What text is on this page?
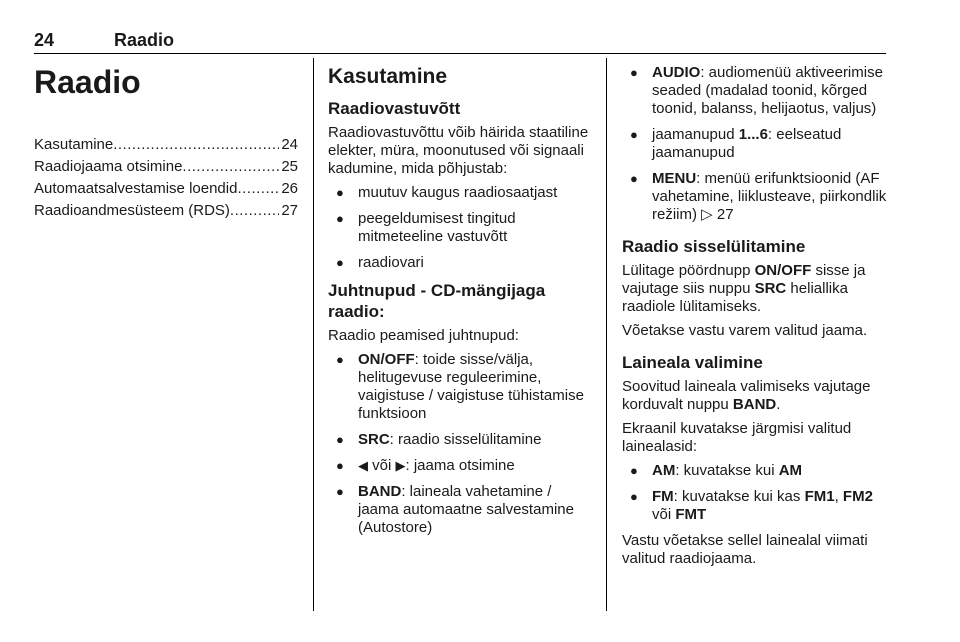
24	Raadio
Raadio
Kasutamine .....	24
Raadiojaama otsimine .....	25
Automaatsalvestamise loendid .....	26
Raadioandmesüsteem (RDS) .....	27
Kasutamine
Raadiovastuvõtt

Raadiovastuvõttu võib häirida staatiline elekter, müra, moonutused või signaali kadumine, mida põhjustab:

● muutuv kaugus raadiosaatjast
● peegeldumisest tingitud mitmeteeline vastuvõtt
● raadiovari
Juhtnupud - CD-mängijaga raadio:

Raadio peamised juhtnupud:

● ON/OFF: toide sisse/välja, helitugevuse reguleerimine, vaigistuse / vaigistuse tühistamise funktsioon
● SRC: raadio sisselülitamine
● ◀ või ▶: jaama otsimine
● BAND: laineala vahetamine / jaama automaatne salvestamine (Autostore)
● AUDIO: audiomenüü aktiveerimise seaded (madalad toonid, kõrged toonid, balanss, helijaotus, valjus)
● jaamanupud 1...6: eelseatud jaamanupud
● MENU: menüü erifunktsioonid (AF vahetamine, liiklusteave, piirkondlik režiim) ▷ 27
Raadio sisselülitamine

Lülitage pöördnupp ON/OFF sisse ja vajutage siis nuppu SRC heliallika raadiole lülitamiseks.

Võetakse vastu varem valitud jaama.

Laineala valimine

Soovitud laineala valimiseks vajutage korduvalt nuppu BAND.

Ekraanil kuvatakse järgmisi valitud lainealasid:

● AM: kuvatakse kui AM
● FM: kuvatakse kui kas FM1, FM2 või FMT

Vastu võetakse sellel lainealal viimati valitud raadiojaama.
